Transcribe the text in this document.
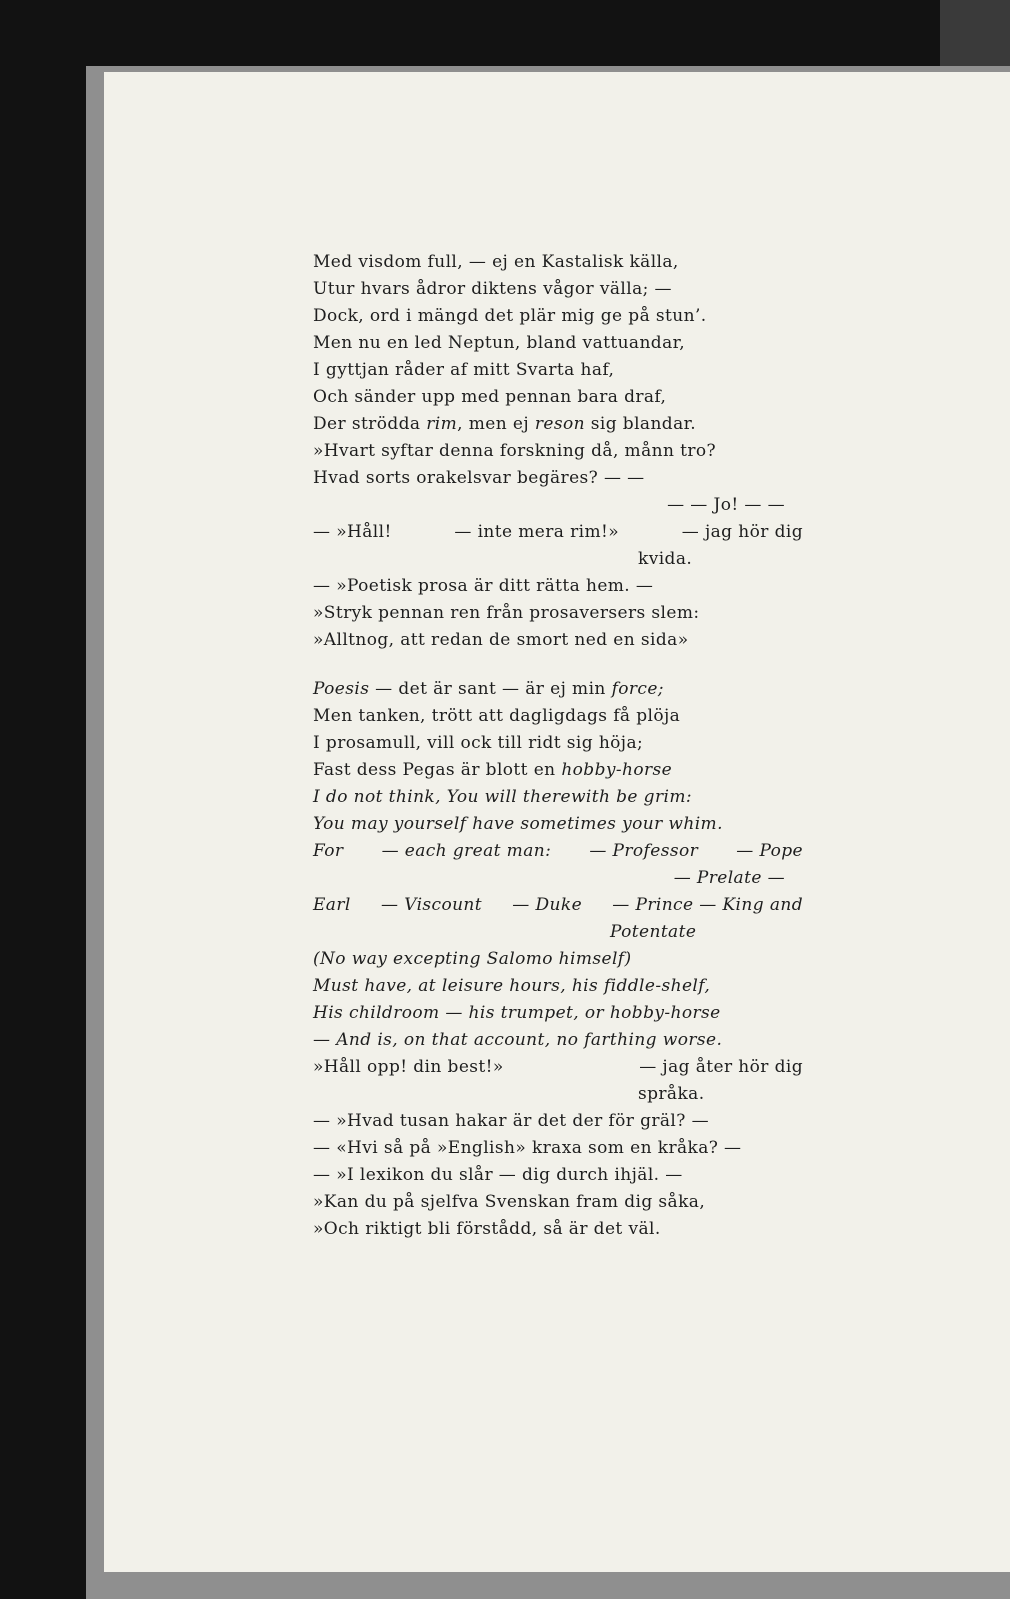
Med visdom full, — ej en Kastalisk källa,
Utur hvars ådror diktens vågor välla; —
Dock, ord i mängd det plär mig ge på stun’.
Men nu en led Neptun, bland vattuandar,
I gyttjan råder af mitt Svarta haf,
Och sänder upp med pennan bara draf,
Der strödda rim, men ej reson sig blandar.
»Hvart syftar denna forskning då, månn tro?
Hvad sorts orakelsvar begäres? — —
— — Jo! — —
— »Håll!	— inte mera rim!»	— jag hör dig
kvida.
— »Poetisk prosa är ditt rätta hem. —
»Stryk pennan ren från prosaversers slem:
»Alltnog, att redan de smort ned en sida»
Poesis — det är sant — är ej min force;
Men tanken, trött att dagligdags få plöja
I prosamull, vill ock till ridt sig höja;
Fast dess Pegas är blott en hobby-horse
I do not think, You will therewith be grim:
You may yourself have sometimes your whim.
For — each great man: — Professor — Pope
— Prelate —
Earl — Viscount — Duke — Prince — King and
Potentate
(No way excepting Salomo himself)
Must have, at leisure hours, his fiddle-shelf,
His childroom — his trumpet, or hobby-horse
— And is, on that account, no farthing worse.
»Håll opp! din best!»	— jag åter hör dig
språka.
— »Hvad tusan hakar är det der för gräl? —
— «Hvi så på »English» kraxa som en kråka? —
— »I lexikon du slår — dig durch ihjäl. —
»Kan du på sjelfva Svenskan fram dig såka,
»Och riktigt bli förstådd, så är det väl.
